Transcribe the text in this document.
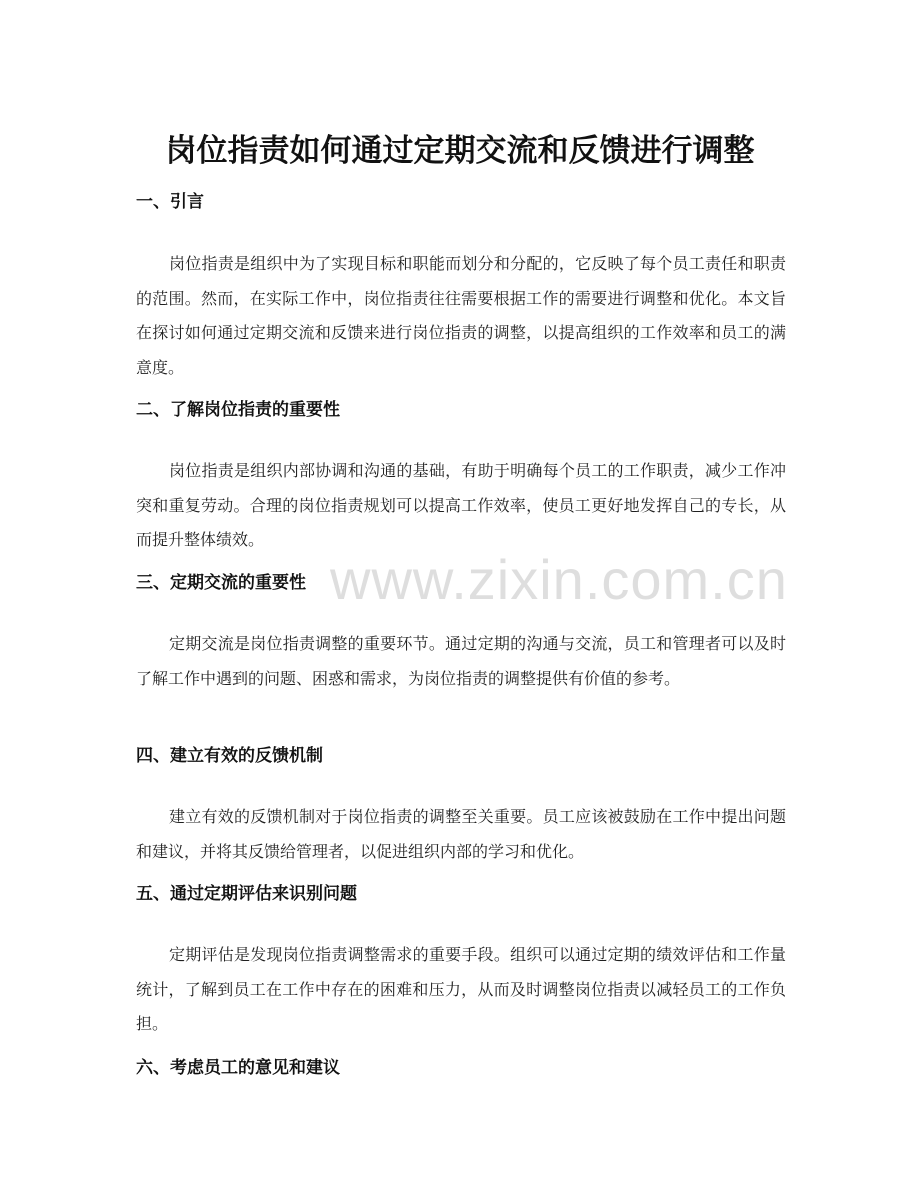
岗位指责如何通过定期交流和反馈进行调整
www.zixin.com.cn
一、引言

岗位指责是组织中为了实现目标和职能而划分和分配的，它反映了每个员工责任和职责的范围。然而，在实际工作中，岗位指责往往需要根据工作的需要进行调整和优化。本文旨在探讨如何通过定期交流和反馈来进行岗位指责的调整，以提高组织的工作效率和员工的满意度。

二、了解岗位指责的重要性

岗位指责是组织内部协调和沟通的基础，有助于明确每个员工的工作职责，减少工作冲突和重复劳动。合理的岗位指责规划可以提高工作效率，使员工更好地发挥自己的专长，从而提升整体绩效。

三、定期交流的重要性

定期交流是岗位指责调整的重要环节。通过定期的沟通与交流，员工和管理者可以及时了解工作中遇到的问题、困惑和需求，为岗位指责的调整提供有价值的参考。

四、建立有效的反馈机制

建立有效的反馈机制对于岗位指责的调整至关重要。员工应该被鼓励在工作中提出问题和建议，并将其反馈给管理者，以促进组织内部的学习和优化。

五、通过定期评估来识别问题

定期评估是发现岗位指责调整需求的重要手段。组织可以通过定期的绩效评估和工作量统计，了解到员工在工作中存在的困难和压力，从而及时调整岗位指责以减轻员工的工作负担。

六、考虑员工的意见和建议
